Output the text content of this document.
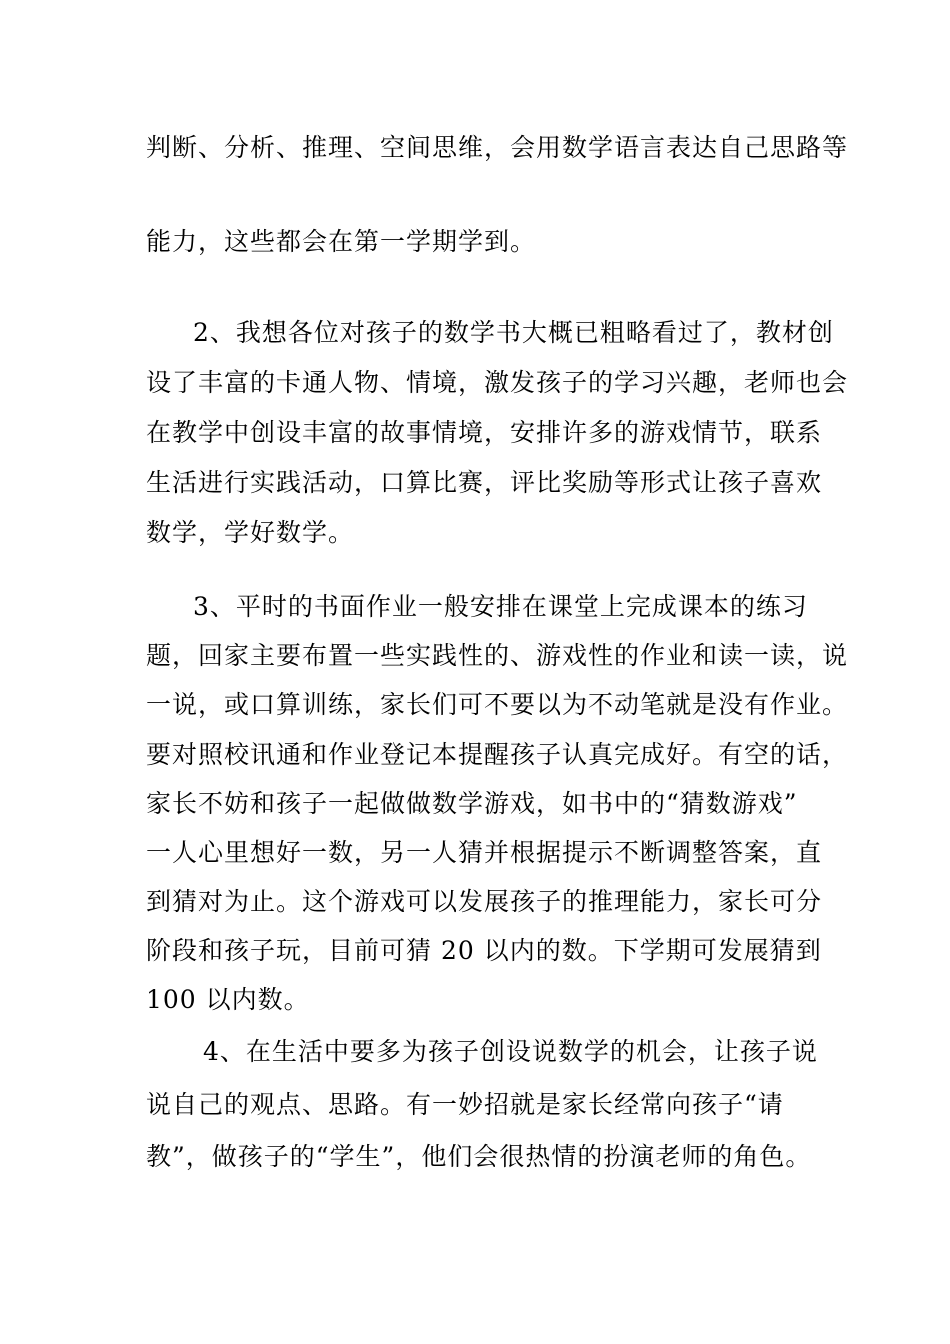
判断、分析、推理、空间思维，会用数学语言表达自己思路等
能力，这些都会在第一学期学到。
2、我想各位对孩子的数学书大概已粗略看过了，教材创
设了丰富的卡通人物、情境，激发孩子的学习兴趣，老师也会
在教学中创设丰富的故事情境，安排许多的游戏情节，联系
生活进行实践活动，口算比赛，评比奖励等形式让孩子喜欢
数学，学好数学。
3、平时的书面作业一般安排在课堂上完成课本的练习
题，回家主要布置一些实践性的、游戏性的作业和读一读，说
一说，或口算训练，家长们可不要以为不动笔就是没有作业。
要对照校讯通和作业登记本提醒孩子认真完成好。有空的话，
家长不妨和孩子一起做做数学游戏，如书中的“猜数游戏”
一人心里想好一数，另一人猜并根据提示不断调整答案，直
到猜对为止。这个游戏可以发展孩子的推理能力，家长可分
阶段和孩子玩，目前可猜 20 以内的数。下学期可发展猜到
100 以内数。
4、在生活中要多为孩子创设说数学的机会，让孩子说
说自己的观点、思路。有一妙招就是家长经常向孩子“请
教”，做孩子的“学生”，他们会很热情的扮演老师的角色。
